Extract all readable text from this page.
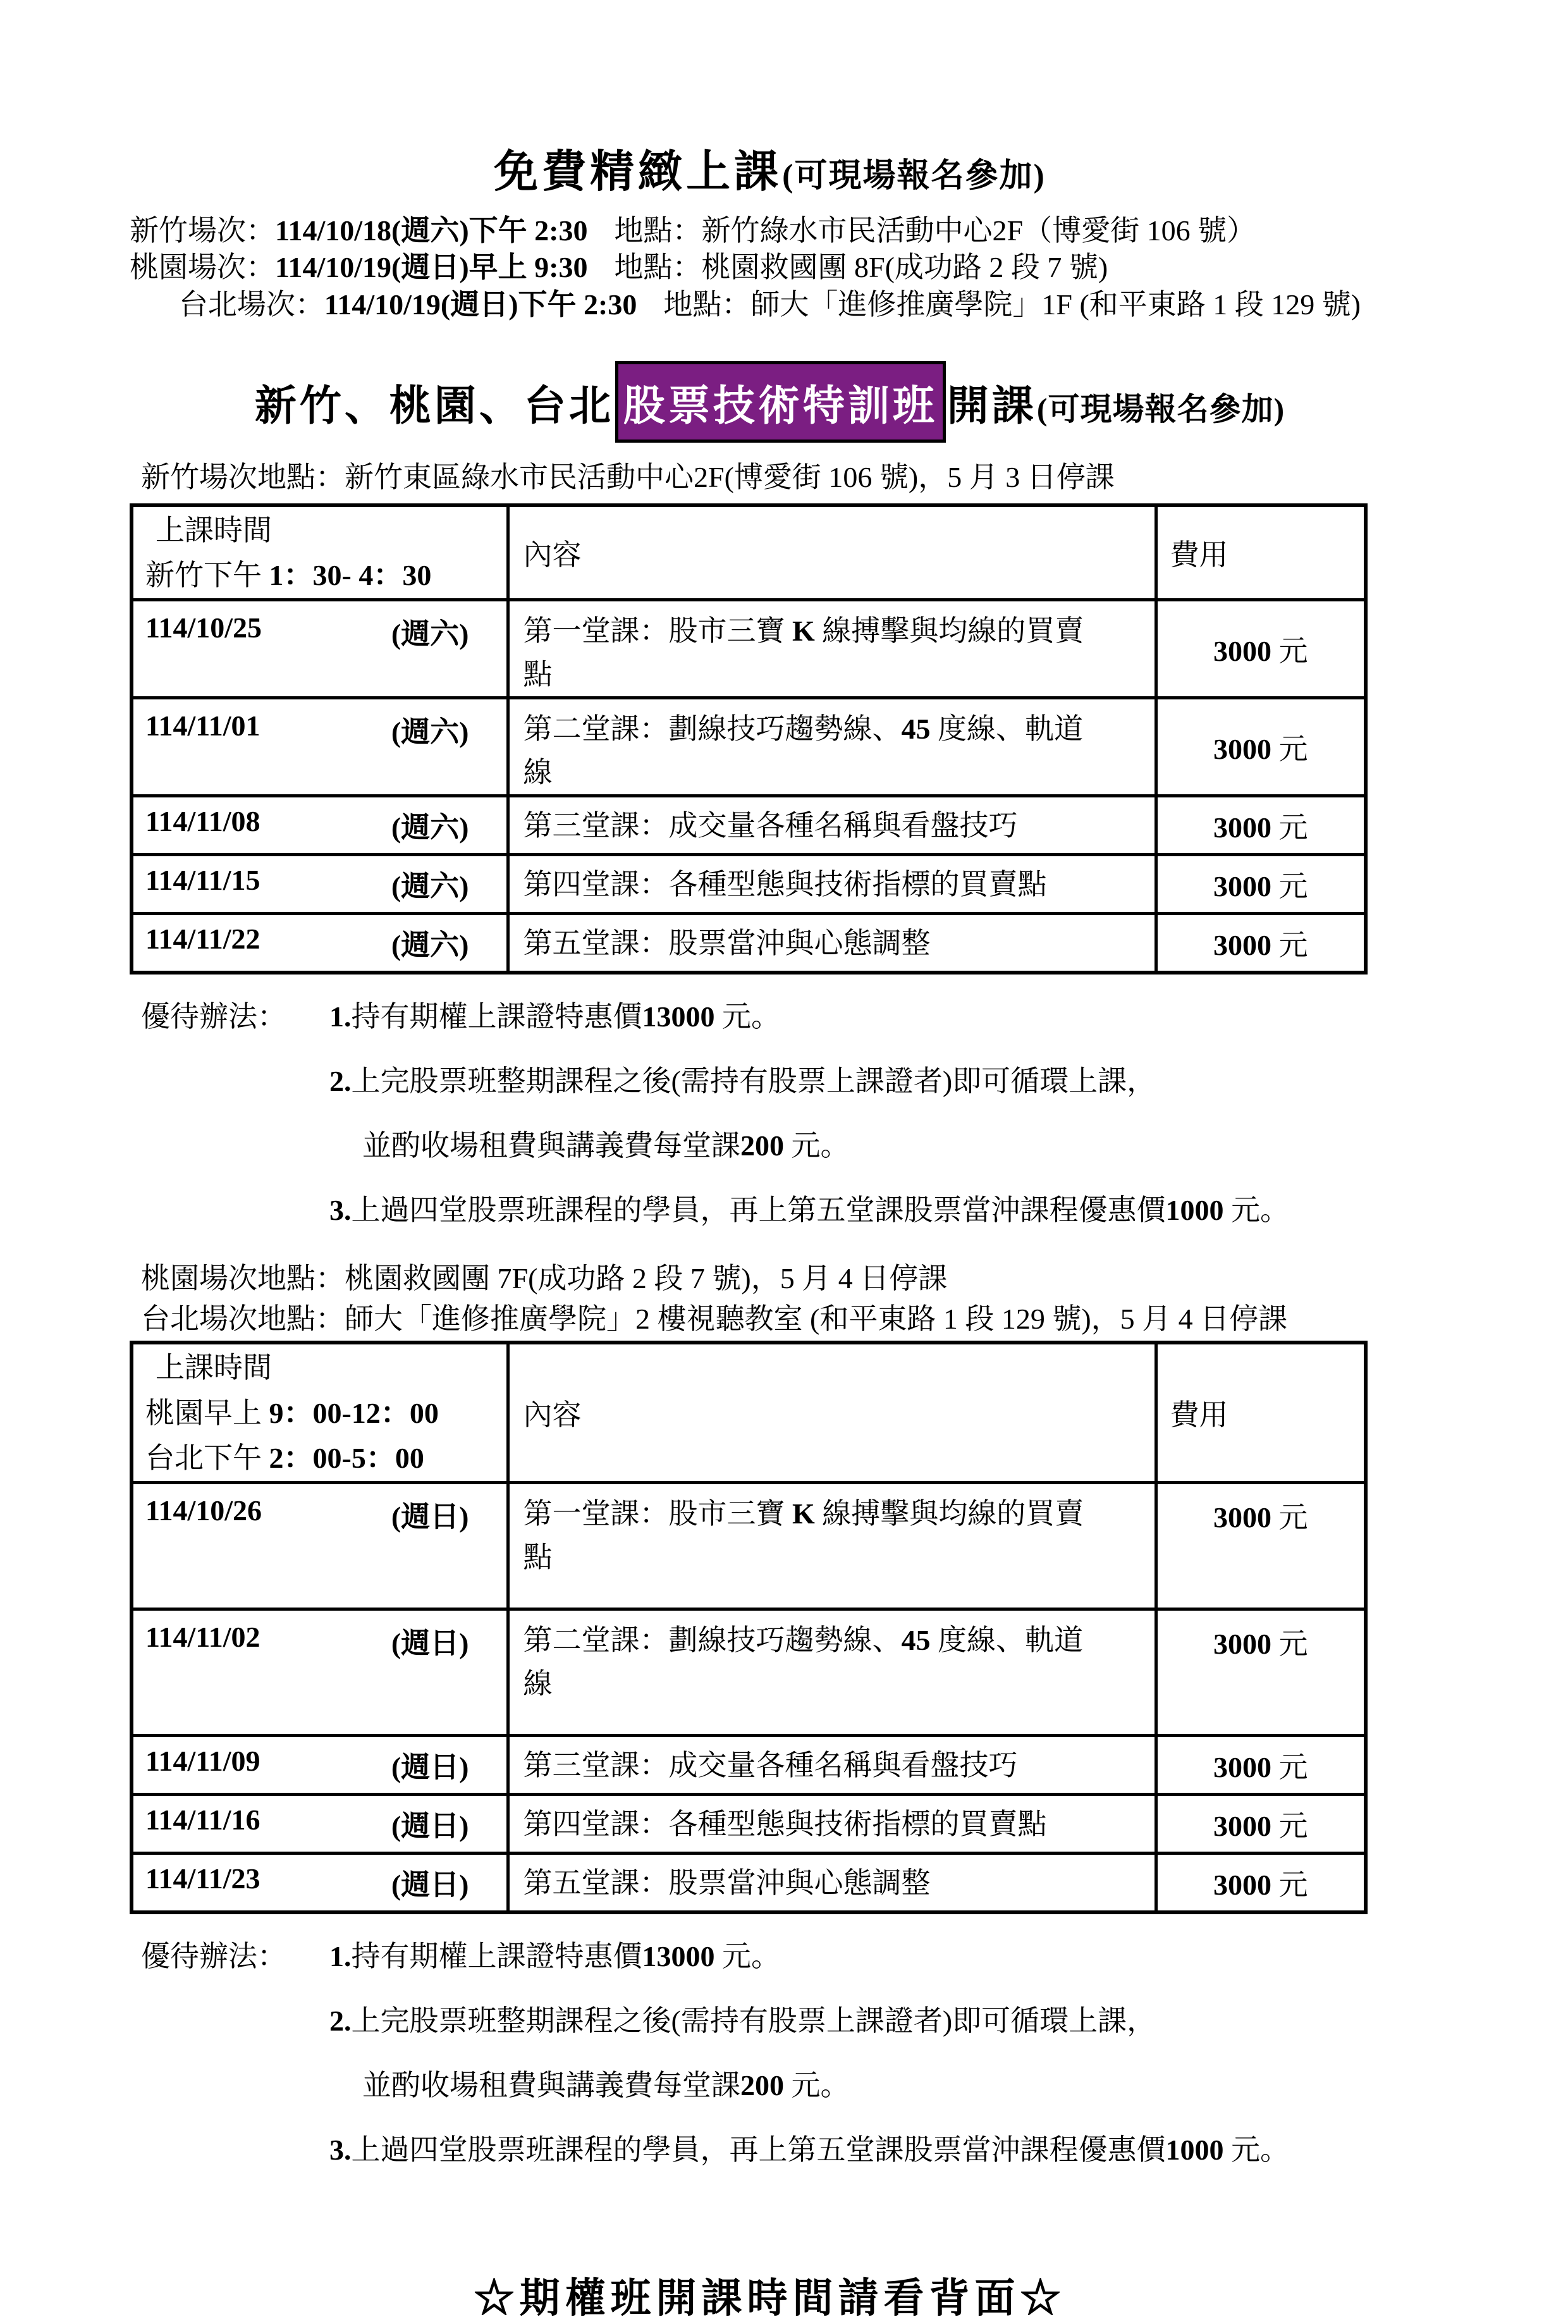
免費精緻上課(可現場報名參加)
新竹場次：114/10/18(週六)下午 2:30 地點：新竹綠水市民活動中心2F（博愛街 106 號）
桃園場次：114/10/19(週日)早上 9:30 地點：桃園救國團 8F(成功路 2 段 7 號)
台北場次：114/10/19(週日)下午 2:30 地點：師大「進修推廣學院」1F (和平東路 1 段 129 號)
新竹、桃園、台北 股票技術特訓班 開課(可現場報名參加)
新竹場次地點：新竹東區綠水市民活動中心2F(博愛街 106 號)，5 月 3 日停課
上課時間
新竹下午 1：30- 4：30	內容	費用

114/10/25 (週六)	第一堂課：股市三寶 K 線搏擊與均線的買賣點	3000 元

114/11/01 (週六)	第二堂課：劃線技巧趨勢線、45 度線、軌道線	3000 元

114/11/08 (週六)	第三堂課：成交量各種名稱與看盤技巧	3000 元

114/11/15 (週六)	第四堂課：各種型態與技術指標的買賣點	3000 元

114/11/22 (週六)	第五堂課：股票當沖與心態調整	3000 元
優待辦法：	1.持有期權上課證特惠價13000 元。
2.上完股票班整期課程之後(需持有股票上課證者)即可循環上課，
並酌收場租費與講義費每堂課200 元。
3.上過四堂股票班課程的學員，再上第五堂課股票當沖課程優惠價1000 元。
桃園場次地點：桃園救國團 7F(成功路 2 段 7 號)，5 月 4 日停課
台北場次地點：師大「進修推廣學院」2 樓視聽教室 (和平東路 1 段 129 號)，5 月 4 日停課
上課時間
桃園早上 9：00-12：00
台北下午 2：00-5：00	內容	費用

114/10/26 (週日)	第一堂課：股市三寶 K 線搏擊與均線的買賣點	3000 元

114/11/02 (週日)	第二堂課：劃線技巧趨勢線、45 度線、軌道線	3000 元

114/11/09 (週日)	第三堂課：成交量各種名稱與看盤技巧	3000 元

114/11/16 (週日)	第四堂課：各種型態與技術指標的買賣點	3000 元

114/11/23 (週日)	第五堂課：股票當沖與心態調整	3000 元
優待辦法：	1.持有期權上課證特惠價13000 元。
2.上完股票班整期課程之後(需持有股票上課證者)即可循環上課，
並酌收場租費與講義費每堂課200 元。
3.上過四堂股票班課程的學員，再上第五堂課股票當沖課程優惠價1000 元。
☆期權班開課時間請看背面☆
